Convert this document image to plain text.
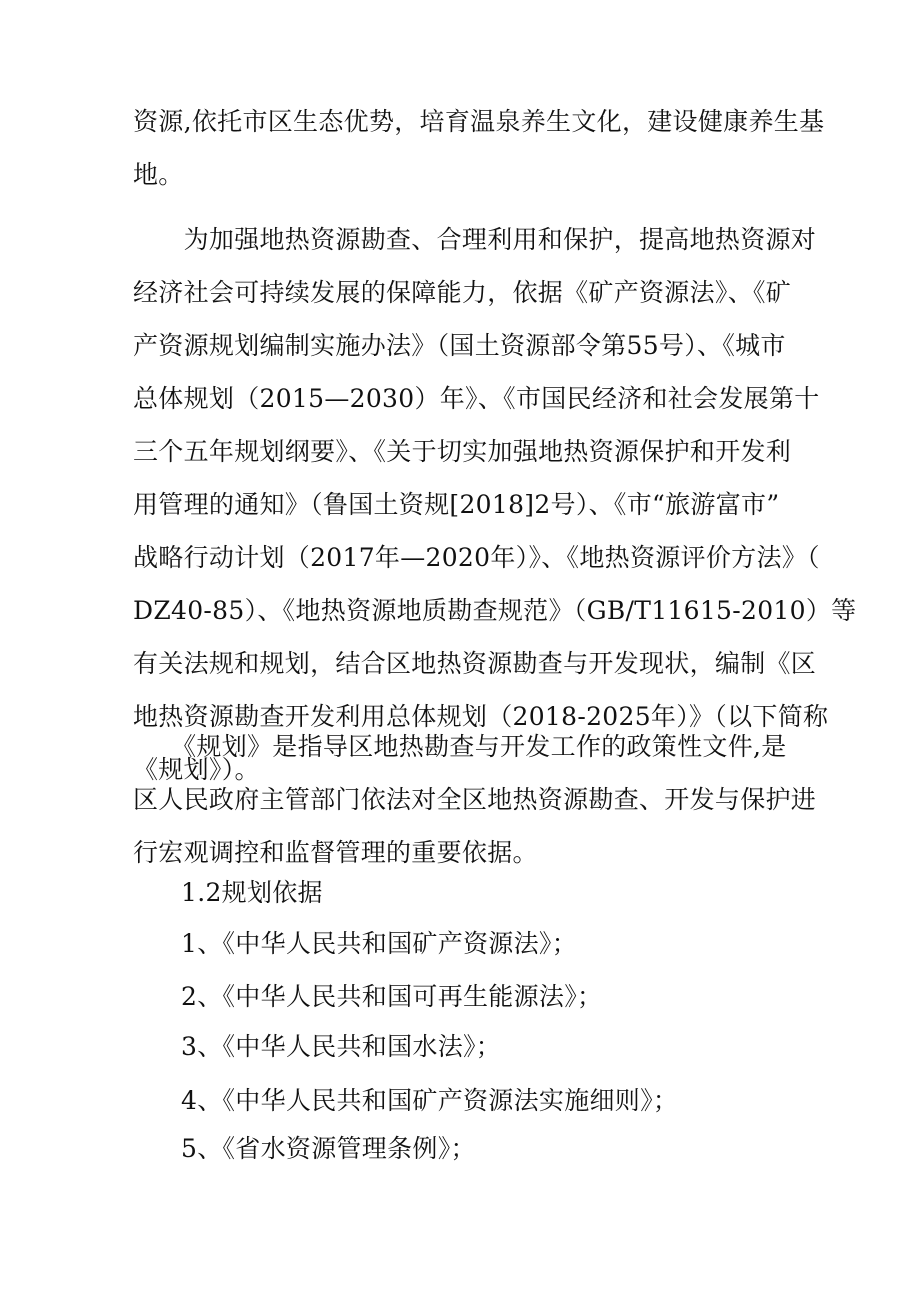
资源,依托市区生态优势，培育温泉养生文化，建设健康养生基
地。
　　为加强地热资源勘查、合理利用和保护，提高地热资源对
经济社会可持续发展的保障能力，依据《矿产资源法》、《矿
产资源规划编制实施办法》（国土资源部令第55号）、《城市
总体规划（2015—2030）年》、《市国民经济和社会发展第十
三个五年规划纲要》、《关于切实加强地热资源保护和开发利
用管理的通知》（鲁国土资规[2018]2号）、《市“旅游富市”
战略行动计划（2017年—2020年）》、《地热资源评价方法》（
DZ40-85）、《地热资源地质勘查规范》（GB/T11615-2010）等
有关法规和规划，结合区地热资源勘查与开发现状，编制《区
地热资源勘查开发利用总体规划（2018-2025年）》（以下简称
《规划》）。
　　《规划》是指导区地热勘查与开发工作的政策性文件,是
区人民政府主管部门依法对全区地热资源勘查、开发与保护进
行宏观调控和监督管理的重要依据。
1.2规划依据
1、《中华人民共和国矿产资源法》；
2、《中华人民共和国可再生能源法》；
3、《中华人民共和国水法》；
4、《中华人民共和国矿产资源法实施细则》；
5、《省水资源管理条例》；
